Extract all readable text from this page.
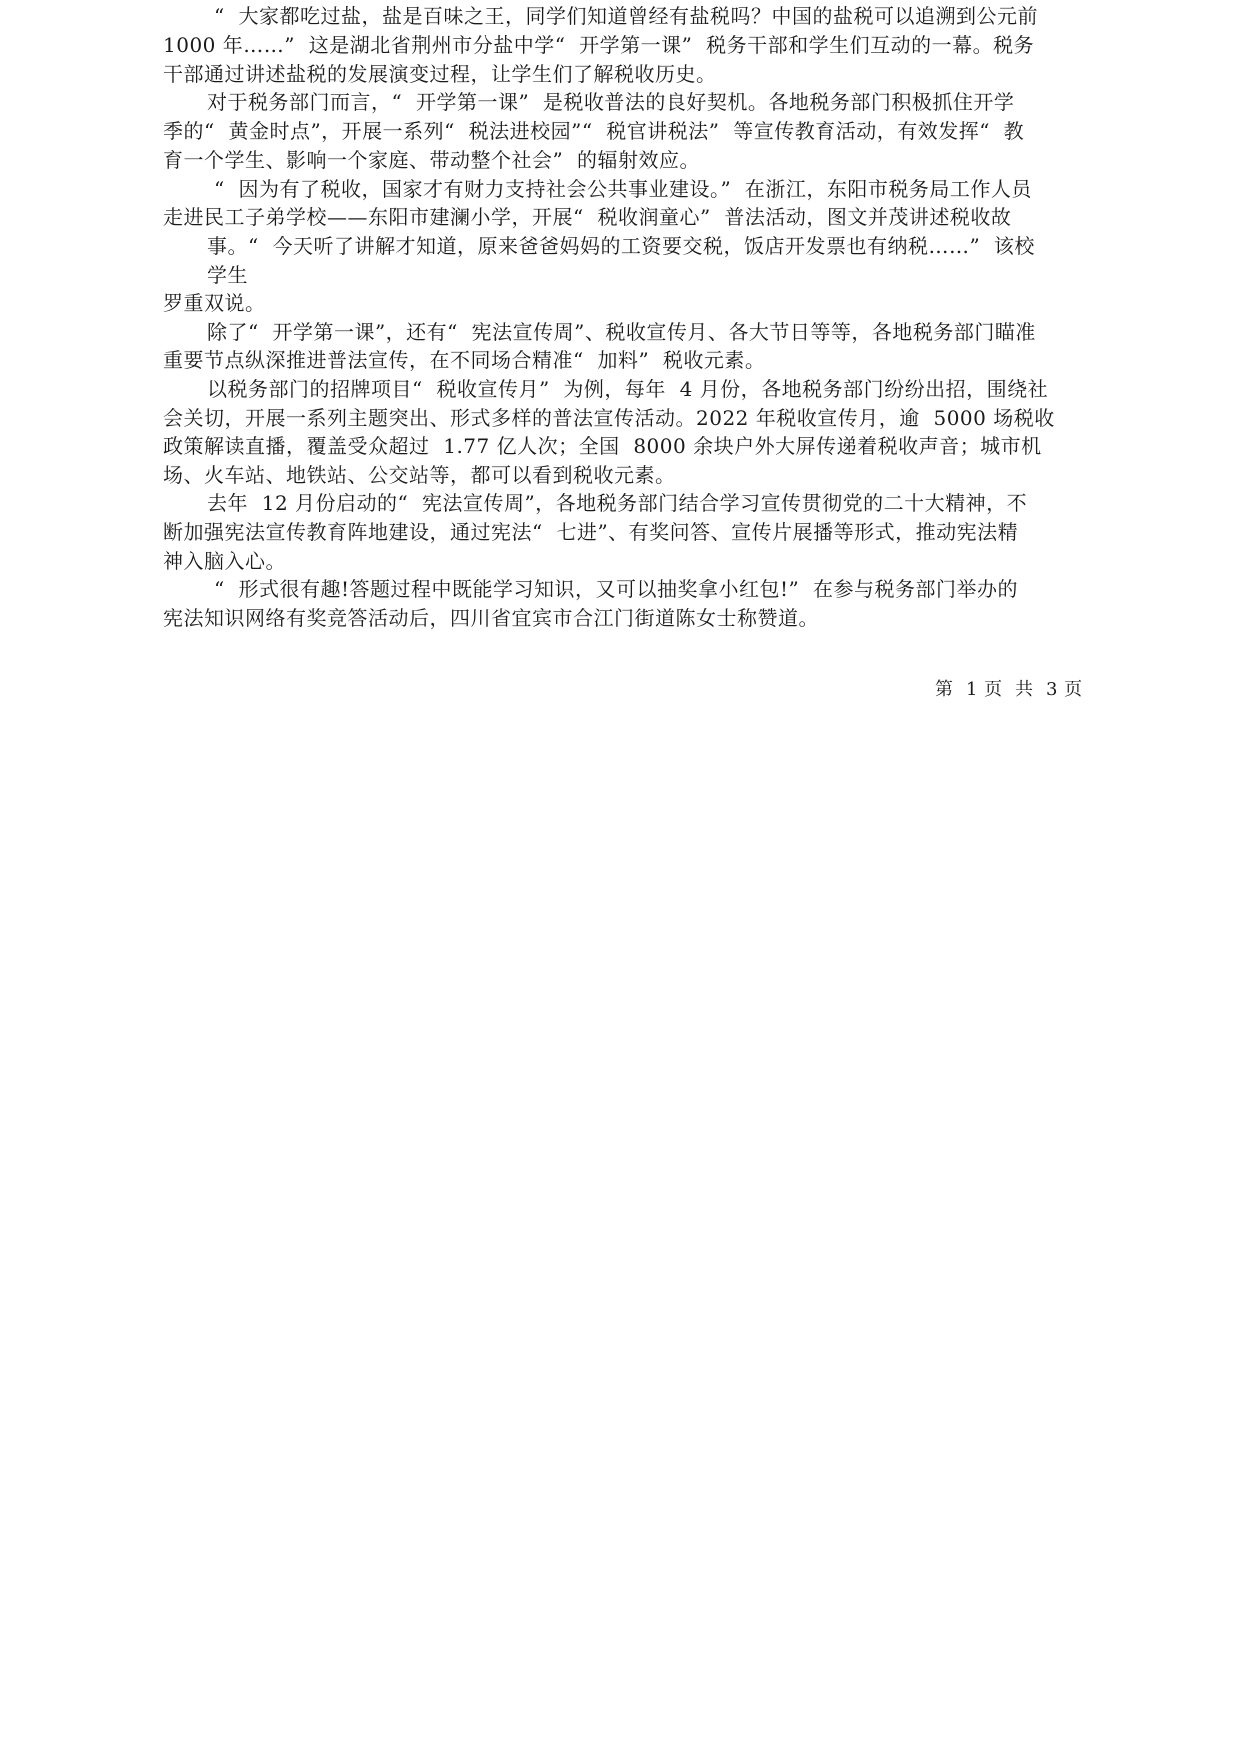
“  大家都吃过盐，盐是百味之王，同学们知道曾经有盐税吗？中国的盐税可以追溯到公元前
1000 年……”  这是湖北省荆州市分盐中学“  开学第一课”  税务干部和学生们互动的一幕。税务
干部通过讲述盐税的发展演变过程，让学生们了解税收历史。
对于税务部门而言，“  开学第一课”  是税收普法的良好契机。各地税务部门积极抓住开学
季的“  黄金时点”，开展一系列“  税法进校园”“  税官讲税法”  等宣传教育活动，有效发挥“  教
育一个学生、影响一个家庭、带动整个社会”  的辐射效应。
“  因为有了税收，国家才有财力支持社会公共事业建设。”  在浙江，东阳市税务局工作人员
走进民工子弟学校——东阳市建澜小学，开展“  税收润童心”  普法活动，图文并茂讲述税收故
事。“  今天听了讲解才知道，原来爸爸妈妈的工资要交税，饭店开发票也有纳税……”  该校
学生
罗重双说。
除了“  开学第一课”，还有“  宪法宣传周”、税收宣传月、各大节日等等，各地税务部门瞄准
重要节点纵深推进普法宣传，在不同场合精准“  加料”  税收元素。
以税务部门的招牌项目“  税收宣传月”  为例，每年  4 月份，各地税务部门纷纷出招，围绕社
会关切，开展一系列主题突出、形式多样的普法宣传活动。2022 年税收宣传月，逾  5000 场税收
政策解读直播，覆盖受众超过  1.77 亿人次；全国  8000 余块户外大屏传递着税收声音；城市机
场、火车站、地铁站、公交站等，都可以看到税收元素。
去年  12 月份启动的“  宪法宣传周”，各地税务部门结合学习宣传贯彻党的二十大精神，不
断加强宪法宣传教育阵地建设，通过宪法“  七进”、有奖问答、宣传片展播等形式，推动宪法精
神入脑入心。
“  形式很有趣!答题过程中既能学习知识，又可以抽奖拿小红包!”  在参与税务部门举办的
宪法知识网络有奖竞答活动后，四川省宜宾市合江门街道陈女士称赞道。
第  1 页  共  3 页
